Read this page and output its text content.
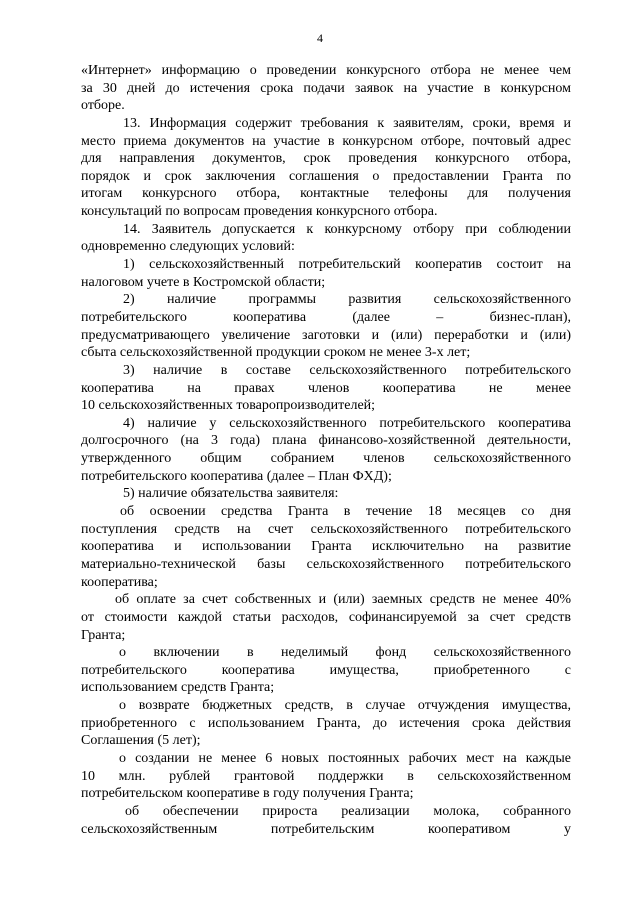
4
«Интернет» информацию о проведении конкурсного отбора не менее чем
за 30 дней до истечения срока подачи заявок на участие в конкурсном
отборе.
13. Информация содержит требования к заявителям, сроки, время и
место приема документов на участие в конкурсном отборе, почтовый адрес
для направления документов, срок проведения конкурсного отбора,
порядок и срок заключения соглашения о предоставлении Гранта по
итогам конкурсного отбора, контактные телефоны для получения
консультаций по вопросам проведения конкурсного отбора.
14. Заявитель допускается к конкурсному отбору при соблюдении
одновременно следующих условий:
1) сельскохозяйственный потребительский кооператив состоит на
налоговом учете в Костромской области;
2) наличие программы развития сельскохозяйственного
потребительского кооператива (далее – бизнес-план),
предусматривающего увеличение заготовки и (или) переработки и (или)
сбыта сельскохозяйственной продукции сроком не менее 3-х лет;
3) наличие в составе сельскохозяйственного потребительского
кооператива на правах членов кооператива не менее
10 сельскохозяйственных товаропроизводителей;
4) наличие у сельскохозяйственного потребительского кооператива
долгосрочного (на 3 года) плана финансово-хозяйственной деятельности,
утвержденного общим собранием членов сельскохозяйственного
потребительского кооператива (далее – План ФХД);
5) наличие обязательства заявителя:
об освоении средства Гранта в течение 18 месяцев со дня
поступления средств на счет сельскохозяйственного потребительского
кооператива и использовании Гранта исключительно на развитие
материально-технической базы сельскохозяйственного потребительского
кооператива;
об оплате за счет собственных и (или) заемных средств не менее 40%
от стоимости каждой статьи расходов, софинансируемой за счет средств
Гранта;
о включении в неделимый фонд сельскохозяйственного
потребительского кооператива имущества, приобретенного с
использованием средств Гранта;
о возврате бюджетных средств, в случае отчуждения имущества,
приобретенного с использованием Гранта, до истечения срока действия
Соглашения (5 лет);
о создании не менее 6 новых постоянных рабочих мест на каждые
10 млн. рублей грантовой поддержки в сельскохозяйственном
потребительском кооперативе в году получения Гранта;
об обеспечении прироста реализации молока, собранного
сельскохозяйственным потребительским кооперативом у
